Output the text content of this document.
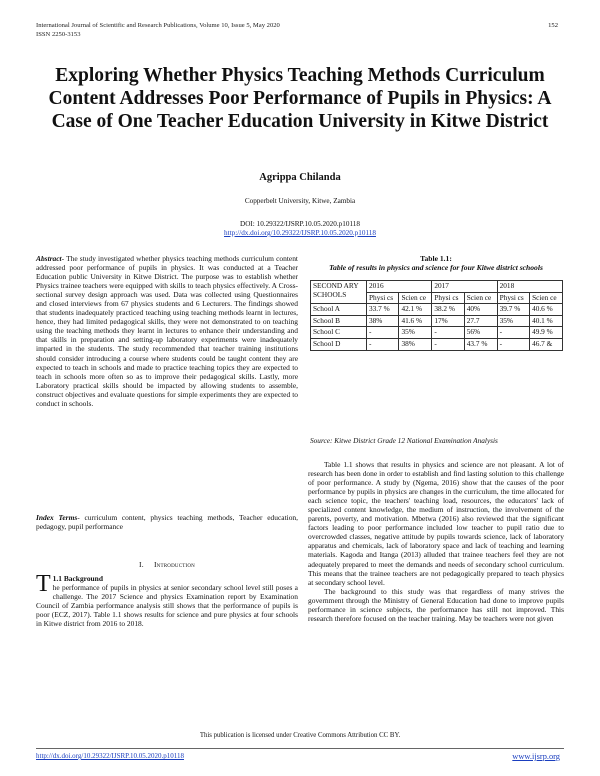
International Journal of Scientific and Research Publications, Volume 10, Issue 5, May 2020
ISSN 2250-3153
152
Exploring Whether Physics Teaching Methods Curriculum Content Addresses Poor Performance of Pupils in Physics: A Case of One Teacher Education University in Kitwe District
Agrippa Chilanda
Copperbelt University, Kitwe, Zambia
DOI: 10.29322/IJSRP.10.05.2020.p10118
http://dx.doi.org/10.29322/IJSRP.10.05.2020.p10118

Abstract- The study investigated whether physics teaching methods curriculum content addressed poor performance of pupils in physics. It was conducted at a Teacher Education public University in Kitwe District. The purpose was to establish whether Physics trainee teachers were equipped with skills to teach physics effectively. A Cross-sectional survey design approach was used. Data was collected using Questionnaires and closed interviews from 67 physics students and 6 Lecturers. The findings showed that students inadequately practiced teaching using teaching methods learnt in lectures, hence, they had limited pedagogical skills, they were not demonstrated to on teaching using the teaching methods they learnt in lectures to enhance their understanding and that skills in preparation and setting-up laboratory experiments were inadequately imparted in the students. The study recommended that teacher training institutions should consider introducing a course where students could be taught content they are expected to teach in schools and made to practice teaching topics they are expected to teach in schools more often so as to improve their pedagogical skills. Lastly, more Laboratory practical skills should be impacted by allowing students to assemble, construct objectives and evaluate questions for simple experiments they are expected to conduct in schools.

Index Terms- curriculum content, physics teaching methods, Teacher education, pedagogy, pupil performance

I. Introduction
T 1.1 Background
he performance of pupils in physics at senior secondary school level still poses a challenge. The 2017 Science and physics Examination report by Examination Council of Zambia performance analysis still shows that the performance of pupils is poor (ECZ, 2017). Table 1.1 shows results for science and pure physics at four schools in Kitwe district from 2016 to 2018.
Table 1.1:
Table of results in physics and science for four Kitwe district schools
SECOND ARY SCHOOLS	2016		2017		2018	
	Physi cs	Scien ce	Physi cs	Scien ce	Physi cs	Scien ce
School A	33.7 %	42.1 %	38.2 %	40%	39.7 %	40.6 %
School B	38%	41.6 %	17%	27.7	35%	40.1 %
School C	-	35%	-	56%	-	49.9 %
School D	-	38%	-	43.7 %	-	46.7 &
Source: Kitwe District Grade 12 National Examination Analysis

Table 1.1 shows that results in physics and science are not pleasant. A lot of research has been done in order to establish and find lasting solution to this challenge of poor performance. A study by (Ngema, 2016) show that the causes of the poor performance by pupils in physics are changes in the curriculum, the time allocated for each science topic, the teachers' teaching load, resources, the educators' lack of specialized content knowledge, the medium of instruction, the involvement of the parents, poverty, and motivation. Mbetwa (2016) also reviewed that the significant factors leading to poor performance included low teacher to pupil ratio due to overcrowded classes, negative attitude by pupils towards science, lack of laboratory apparatus and chemicals, lack of laboratory space and lack of teaching and learning materials. Kagoda and Itanga (2013) alluded that trainee teachers feel they are not adequately prepared to meet the demands and needs of secondary school curriculum. This means that the trainee teachers are not pedagogically prepared to teach physics at secondary school level.

The background to this study was that regardless of many strives the government through the Ministry of General Education had done to improve pupils performance in science subjects, the performance has still not improved. This research therefore focused on the teacher training. May be teachers were not given

This publication is licensed under Creative Commons Attribution CC BY.
http://dx.doi.org/10.29322/IJSRP.10.05.2020.p10118	www.ijsrp.org
